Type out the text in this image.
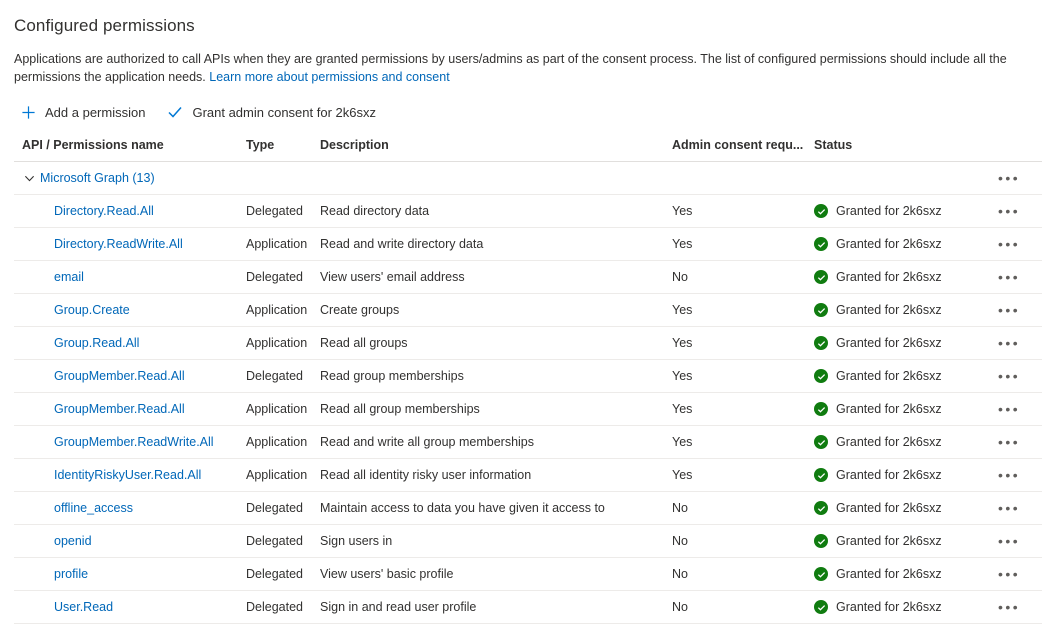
Configured permissions
Applications are authorized to call APIs when they are granted permissions by users/admins as part of the consent process. The list of configured permissions should include all the permissions the application needs. Learn more about permissions and consent
Add a permission	Grant admin consent for 2k6sxz
API / Permissions name	Type	Description	Admin consent requ...	Status	

Microsoft Graph (13)					•••

Directory.Read.All	Delegated	Read directory data	Yes	Granted for 2k6sxz	•••

Directory.ReadWrite.All	Application	Read and write directory data	Yes	Granted for 2k6sxz	•••

email	Delegated	View users' email address	No	Granted for 2k6sxz	•••

Group.Create	Application	Create groups	Yes	Granted for 2k6sxz	•••

Group.Read.All	Application	Read all groups	Yes	Granted for 2k6sxz	•••

GroupMember.Read.All	Delegated	Read group memberships	Yes	Granted for 2k6sxz	•••

GroupMember.Read.All	Application	Read all group memberships	Yes	Granted for 2k6sxz	•••

GroupMember.ReadWrite.All	Application	Read and write all group memberships	Yes	Granted for 2k6sxz	•••

IdentityRiskyUser.Read.All	Application	Read all identity risky user information	Yes	Granted for 2k6sxz	•••

offline_access	Delegated	Maintain access to data you have given it access to	No	Granted for 2k6sxz	•••

openid	Delegated	Sign users in	No	Granted for 2k6sxz	•••

profile	Delegated	View users' basic profile	No	Granted for 2k6sxz	•••

User.Read	Delegated	Sign in and read user profile	No	Granted for 2k6sxz	•••
